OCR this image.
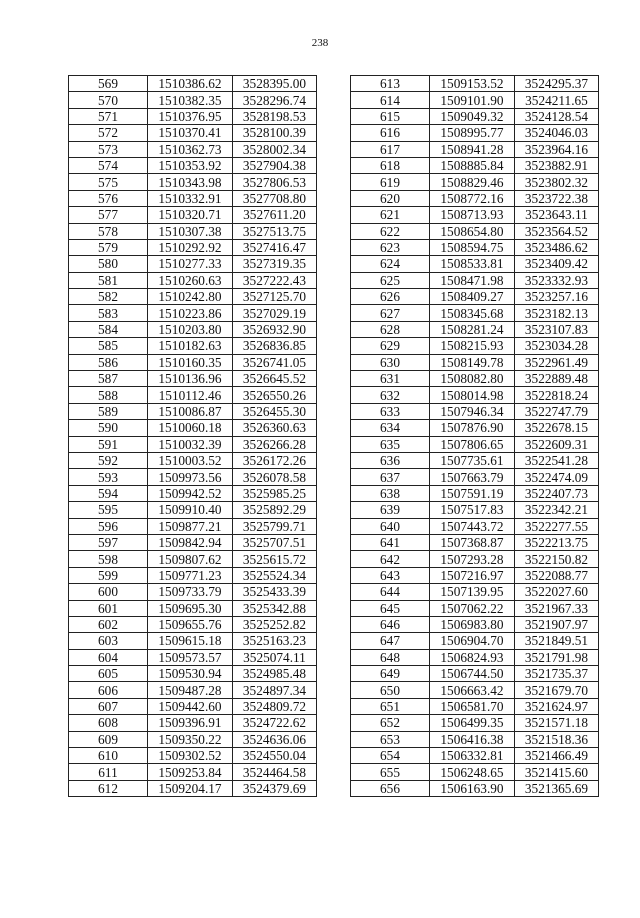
238
569	1510386.62	3528395.00
570	1510382.35	3528296.74
571	1510376.95	3528198.53
572	1510370.41	3528100.39
573	1510362.73	3528002.34
574	1510353.92	3527904.38
575	1510343.98	3527806.53
576	1510332.91	3527708.80
577	1510320.71	3527611.20
578	1510307.38	3527513.75
579	1510292.92	3527416.47
580	1510277.33	3527319.35
581	1510260.63	3527222.43
582	1510242.80	3527125.70
583	1510223.86	3527029.19
584	1510203.80	3526932.90
585	1510182.63	3526836.85
586	1510160.35	3526741.05
587	1510136.96	3526645.52
588	1510112.46	3526550.26
589	1510086.87	3526455.30
590	1510060.18	3526360.63
591	1510032.39	3526266.28
592	1510003.52	3526172.26
593	1509973.56	3526078.58
594	1509942.52	3525985.25
595	1509910.40	3525892.29
596	1509877.21	3525799.71
597	1509842.94	3525707.51
598	1509807.62	3525615.72
599	1509771.23	3525524.34
600	1509733.79	3525433.39
601	1509695.30	3525342.88
602	1509655.76	3525252.82
603	1509615.18	3525163.23
604	1509573.57	3525074.11
605	1509530.94	3524985.48
606	1509487.28	3524897.34
607	1509442.60	3524809.72
608	1509396.91	3524722.62
609	1509350.22	3524636.06
610	1509302.52	3524550.04
611	1509253.84	3524464.58
612	1509204.17	3524379.69
613	1509153.52	3524295.37
614	1509101.90	3524211.65
615	1509049.32	3524128.54
616	1508995.77	3524046.03
617	1508941.28	3523964.16
618	1508885.84	3523882.91
619	1508829.46	3523802.32
620	1508772.16	3523722.38
621	1508713.93	3523643.11
622	1508654.80	3523564.52
623	1508594.75	3523486.62
624	1508533.81	3523409.42
625	1508471.98	3523332.93
626	1508409.27	3523257.16
627	1508345.68	3523182.13
628	1508281.24	3523107.83
629	1508215.93	3523034.28
630	1508149.78	3522961.49
631	1508082.80	3522889.48
632	1508014.98	3522818.24
633	1507946.34	3522747.79
634	1507876.90	3522678.15
635	1507806.65	3522609.31
636	1507735.61	3522541.28
637	1507663.79	3522474.09
638	1507591.19	3522407.73
639	1507517.83	3522342.21
640	1507443.72	3522277.55
641	1507368.87	3522213.75
642	1507293.28	3522150.82
643	1507216.97	3522088.77
644	1507139.95	3522027.60
645	1507062.22	3521967.33
646	1506983.80	3521907.97
647	1506904.70	3521849.51
648	1506824.93	3521791.98
649	1506744.50	3521735.37
650	1506663.42	3521679.70
651	1506581.70	3521624.97
652	1506499.35	3521571.18
653	1506416.38	3521518.36
654	1506332.81	3521466.49
655	1506248.65	3521415.60
656	1506163.90	3521365.69
